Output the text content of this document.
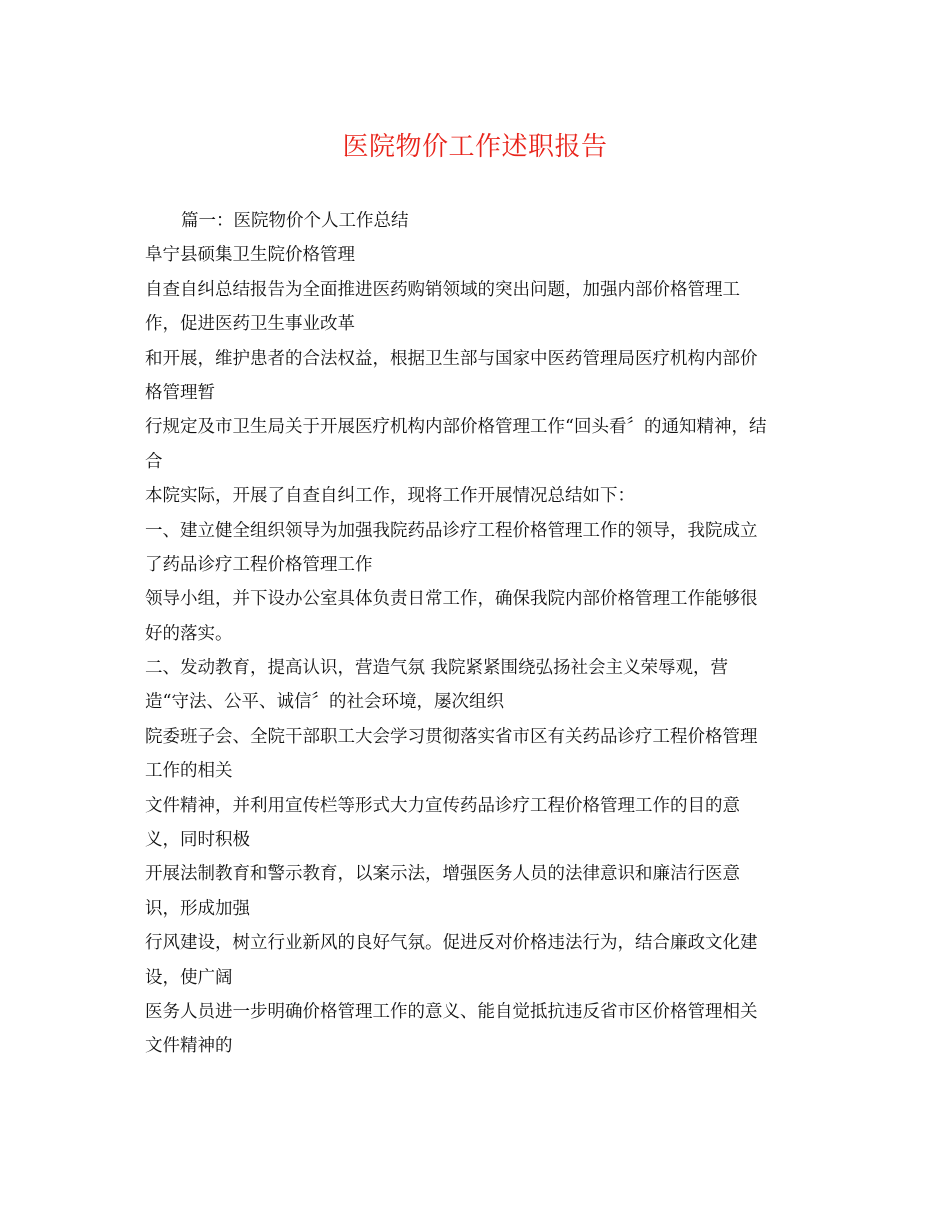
医院物价工作述职报告
篇一：医院物价个人工作总结
阜宁县硕集卫生院价格管理
自查自纠总结报告为全面推进医药购销领域的突出问题，加强内部价格管理工
作，促进医药卫生事业改革
和开展，维护患者的合法权益，根据卫生部与国家中医药管理局医疗机构内部价
格管理暂
行规定及市卫生局关于开展医疗机构内部价格管理工作“回头看〞的通知精神，结
合
本院实际，开展了自查自纠工作，现将工作开展情况总结如下：
一、建立健全组织领导为加强我院药品诊疗工程价格管理工作的领导，我院成立
了药品诊疗工程价格管理工作
领导小组，并下设办公室具体负责日常工作，确保我院内部价格管理工作能够很
好的落实。
二、发动教育，提高认识，营造气氛 我院紧紧围绕弘扬社会主义荣辱观，营
造“守法、公平、诚信〞的社会环境，屡次组织
院委班子会、全院干部职工大会学习贯彻落实省市区有关药品诊疗工程价格管理
工作的相关
文件精神，并利用宣传栏等形式大力宣传药品诊疗工程价格管理工作的目的意
义，同时积极
开展法制教育和警示教育，以案示法，增强医务人员的法律意识和廉洁行医意
识，形成加强
行风建设，树立行业新风的良好气氛。促进反对价格违法行为，结合廉政文化建
设，使广阔
医务人员进一步明确价格管理工作的意义、能自觉抵抗违反省市区价格管理相关
文件精神的
